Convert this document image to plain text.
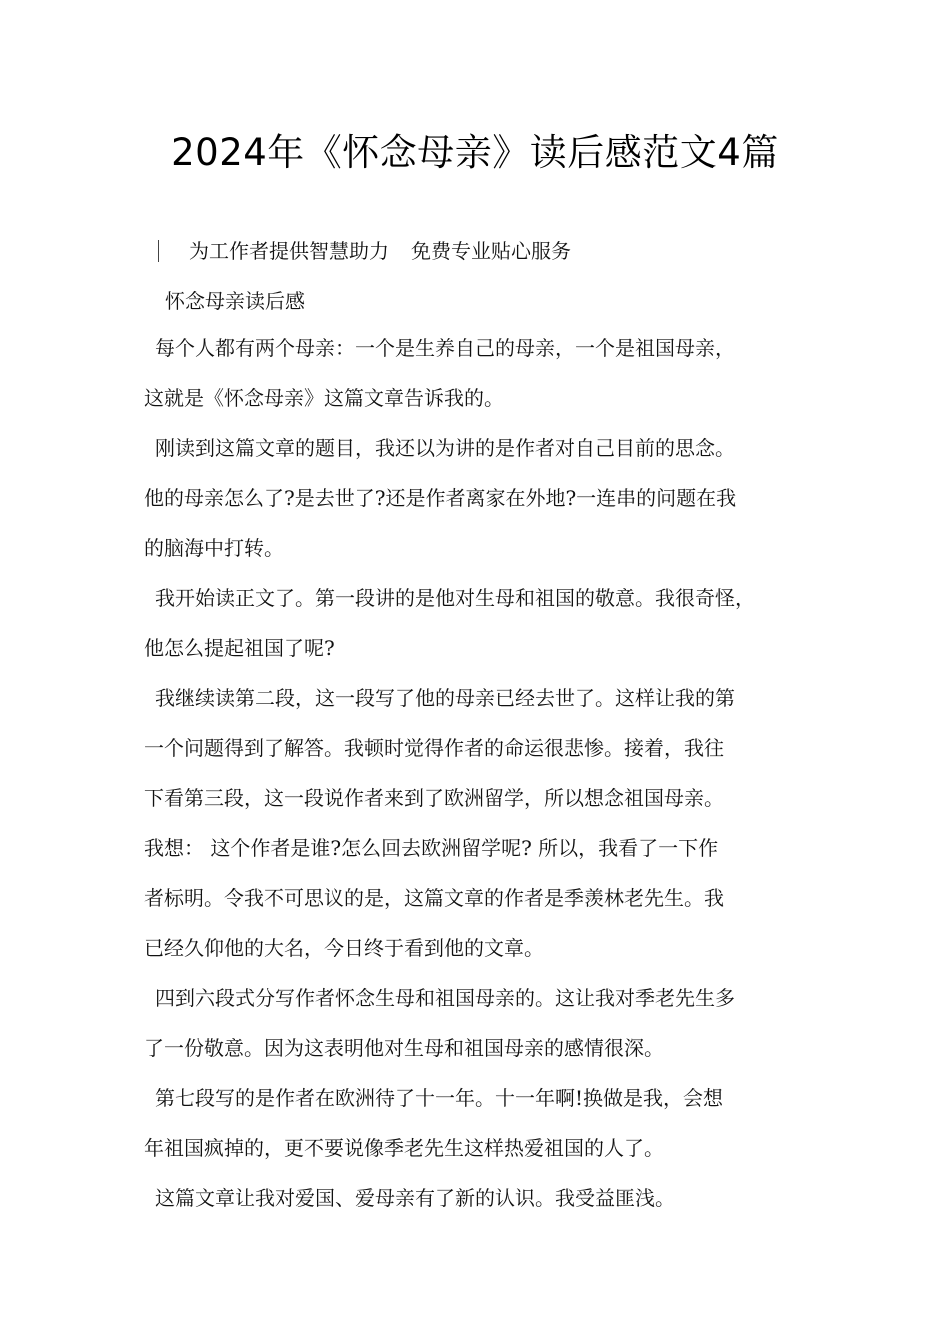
2024年《怀念母亲》读后感范文4篇
为工作者提供智慧助力 免费专业贴心服务
怀念母亲读后感
每个人都有两个母亲：一个是生养自己的母亲，一个是祖国母亲，
这就是《怀念母亲》这篇文章告诉我的。
刚读到这篇文章的题目，我还以为讲的是作者对自己目前的思念。
他的母亲怎么了?是去世了?还是作者离家在外地?一连串的问题在我
的脑海中打转。
我开始读正文了。第一段讲的是他对生母和祖国的敬意。我很奇怪，
他怎么提起祖国了呢?
我继续读第二段，这一段写了他的母亲已经去世了。这样让我的第
一个问题得到了解答。我顿时觉得作者的命运很悲惨。接着，我往
下看第三段，这一段说作者来到了欧洲留学，所以想念祖国母亲。
我想： 这个作者是谁?怎么回去欧洲留学呢? 所以，我看了一下作
者标明。令我不可思议的是，这篇文章的作者是季羡林老先生。我
已经久仰他的大名，今日终于看到他的文章。
四到六段式分写作者怀念生母和祖国母亲的。这让我对季老先生多
了一份敬意。因为这表明他对生母和祖国母亲的感情很深。
第七段写的是作者在欧洲待了十一年。十一年啊!换做是我，会想
年祖国疯掉的，更不要说像季老先生这样热爱祖国的人了。
这篇文章让我对爱国、爱母亲有了新的认识。我受益匪浅。
